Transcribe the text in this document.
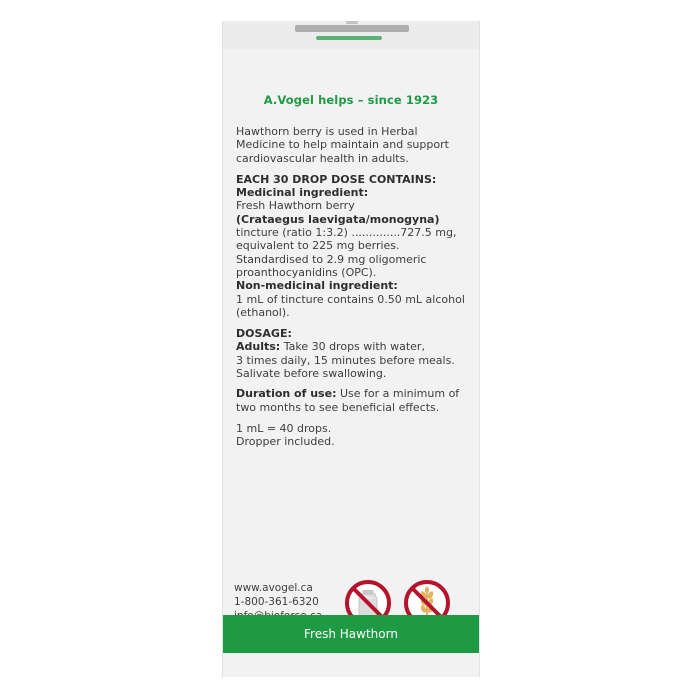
A.Vogel helps – since 1923

Hawthorn berry is used in Herbal

Medicine to help maintain and support

cardiovascular health in adults.

EACH 30 DROP DOSE CONTAINS:

Medicinal ingredient:

Fresh Hawthorn berry

(Crataegus laevigata/monogyna)

tincture (ratio 1:3.2) ..............727.5 mg,

equivalent to 225 mg berries.

Standardised to 2.9 mg oligomeric

proanthocyanidins (OPC).

Non-medicinal ingredient:

1 mL of tincture contains 0.50 mL alcohol

(ethanol).

DOSAGE:

Adults: Take 30 drops with water,

3 times daily, 15 minutes before meals.

Salivate before swallowing.

Duration of use: Use for a minimum of

two months to see beneficial effects.

1 mL = 40 drops.

Dropper included.

www.avogel.ca
1-800-361-6320
Fresh Hawthorn
